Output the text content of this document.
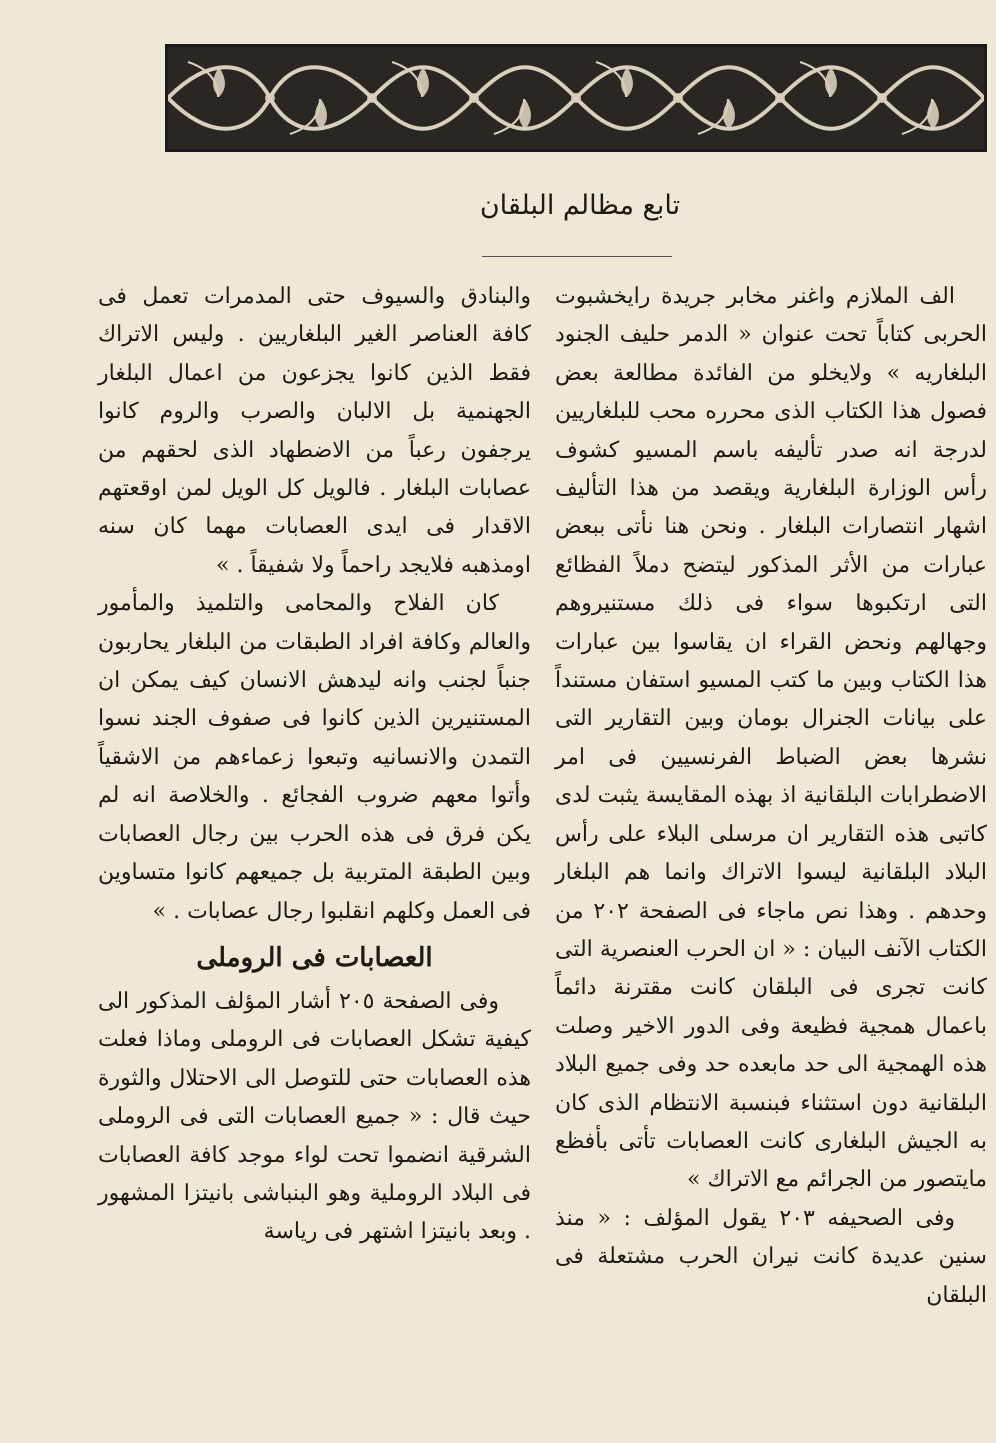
تابع مظالم البلقان

الف الملازم واغنر مخابر جريدة رايخشبوت الحربى كتاباً تحت عنوان « الدمر حليف الجنود البلغاريه » ولايخلو من الفائدة مطالعة بعض فصول هذا الكتاب الذى محرره محب للبلغاريين لدرجة انه صدر تأليفه باسم المسيو كشوف رأس الوزارة البلغارية ويقصد من هذا التأليف اشهار انتصارات البلغار . ونحن هنا نأتى ببعض عبارات من الأثر المذكور ليتضح دملاً الفظائع التى ارتكبوها سواء فى ذلك مستنيروهم وجهالهم ونحض القراء ان يقاسوا بين عبارات هذا الكتاب وبين ما كتب المسيو استفان مستنداً على بيانات الجنرال بومان وبين التقارير التى نشرها بعض الضباط الفرنسيين فى امر الاضطرابات البلقانية اذ بهذه المقايسة يثبت لدى كاتبى هذه التقارير ان مرسلى البلاء على رأس البلاد البلقانية ليسوا الاتراك وانما هم البلغار وحدهم . وهذا نص ماجاء فى الصفحة ٢٠٢ من الكتاب الآنف البيان : « ان الحرب العنصرية التى كانت تجرى فى البلقان كانت مقترنة دائماً باعمال همجية فظيعة وفى الدور الاخير وصلت هذه الهمجية الى حد مابعده حد وفى جميع البلاد البلقانية دون استثناء فبنسبة الانتظام الذى كان به الجيش البلغارى كانت العصابات تأتى بأفظع مايتصور من الجرائم مع الاتراك »

وفى الصحيفه ٢٠٣ يقول المؤلف : « منذ سنين عديدة كانت نيران الحرب مشتعلة فى البلقان

والبنادق والسيوف حتى المدمرات تعمل فى كافة العناصر الغير البلغاريين . وليس الاتراك فقط الذين كانوا يجزعون من اعمال البلغار الجهنمية بل الالبان والصرب والروم كانوا يرجفون رعباً من الاضطهاد الذى لحقهم من عصابات البلغار . فالويل كل الويل لمن اوقعتهم الاقدار فى ايدى العصابات مهما كان سنه اومذهبه فلايجد راحماً ولا شفيقاً . »

كان الفلاح والمحامى والتلميذ والمأمور والعالم وكافة افراد الطبقات من البلغار يحاربون جنباً لجنب وانه ليدهش الانسان كيف يمكن ان المستنيرين الذين كانوا فى صفوف الجند نسوا التمدن والانسانيه وتبعوا زعماءهم من الاشقياً وأتوا معهم ضروب الفجائع . والخلاصة انه لم يكن فرق فى هذه الحرب بين رجال العصابات وبين الطبقة المتربية بل جميعهم كانوا متساوين فى العمل وكلهم انقلبوا رجال عصابات . »

العصابات فى الروملى

وفى الصفحة ٢٠٥ أشار المؤلف المذكور الى كيفية تشكل العصابات فى الروملى وماذا فعلت هذه العصابات حتى للتوصل الى الاحتلال والثورة حيث قال : « جميع العصابات التى فى الروملى الشرقية انضموا تحت لواء موجد كافة العصابات فى البلاد الروملية وهو البنباشى بانيتزا المشهور . وبعد بانيتزا اشتهر فى رياسة
